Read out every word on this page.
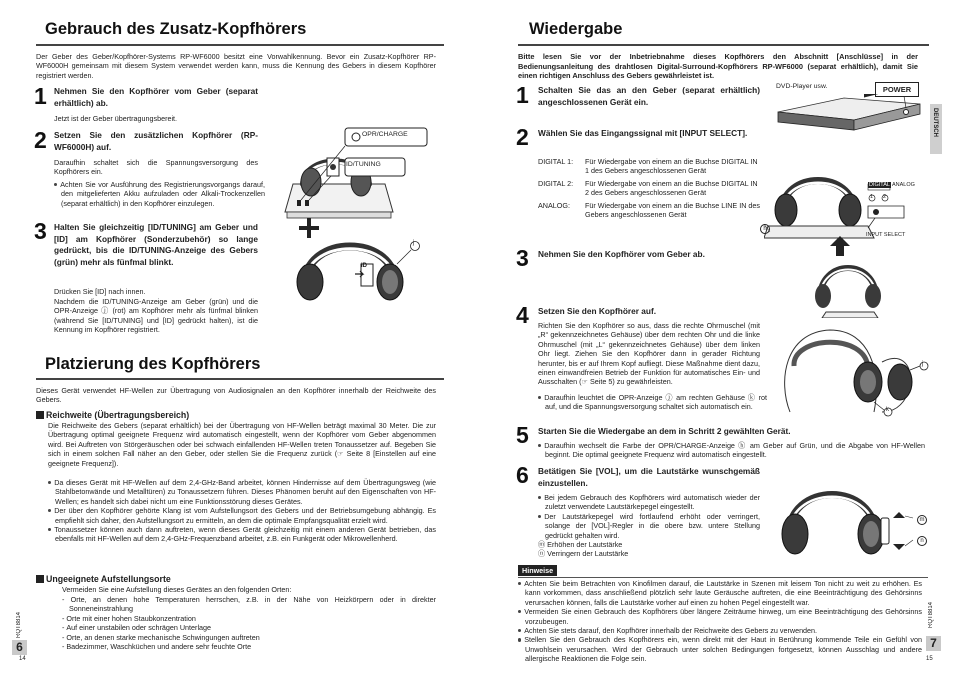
Gebrauch des Zusatz-Kopfhörers
Der Geber des Geber/Kopfhörer-Systems RP-WF6000 besitzt eine Vorwahlkennung. Bevor ein Zusatz-Kopfhörer RP-WF6000H gemeinsam mit diesem System verwendet werden kann, muss die Kennung des Gebers in diesem Kopfhörer registriert werden.
1 Nehmen Sie den Kopfhörer vom Geber (separat erhältlich) ab.
Jetzt ist der Geber übertragungsbereit.
2 Setzen Sie den zusätzlichen Kopfhörer (RP-WF6000H) auf.
Daraufhin schaltet sich die Spannungsversorgung des Kopfhörers ein.
Achten Sie vor Ausführung des Registrierungsvorgangs darauf, den mitgelieferten Akku aufzuladen oder Alkali-Trockenzellen (separat erhältlich) in den Kopfhörer einzulegen.
3 Halten Sie gleichzeitig [ID/TUNING] am Geber und [ID] am Kopfhörer (Sonderzubehör) so lange gedrückt, bis die ID/TUNING-Anzeige des Gebers (grün) mehr als fünfmal blinkt.
Drücken Sie [ID] nach innen.
Nachdem die ID/TUNING-Anzeige am Geber (grün) und die OPR-Anzeige ⓙ (rot) am Kopfhörer mehr als fünfmal blinken (während Sie [ID/TUNING] und [ID] gedrückt halten), ist die Kennung im Kopfhörer registriert.
OPR/CHARGE
ID/TUNING
j
ID
Platzierung des Kopfhörers
Dieses Gerät verwendet HF-Wellen zur Übertragung von Audiosignalen an den Kopfhörer innerhalb der Reichweite des Gebers.
Reichweite (Übertragungsbereich)
Die Reichweite des Gebers (separat erhältlich) bei der Übertragung von HF-Wellen beträgt maximal 30 Meter. Die zur Übertragung optimal geeignete Frequenz wird automatisch eingestellt, wenn der Kopfhörer vom Geber abgenommen wird. Bei Auftreten von Störgeräuschen oder bei schwach einfallenden HF-Wellen treten Tonaussetzer auf. Begeben Sie sich in einem solchen Fall näher an den Geber, oder stellen Sie die Frequenz zurück (☞ Seite 8 [Einstellen auf eine geeignete Frequenz]).
Da dieses Gerät mit HF-Wellen auf dem 2,4-GHz-Band arbeitet, können Hindernisse auf dem Übertragungsweg (wie Stahlbetonwände und Metalltüren) zu Tonaussetzern führen. Dieses Phänomen beruht auf den Eigenschaften von HF-Wellen; es handelt sich dabei nicht um eine Funktionsstörung dieses Gerätes.
Der über den Kopfhörer gehörte Klang ist vom Aufstellungsort des Gebers und der Betriebsumgebung abhängig. Es empfiehlt sich daher, den Aufstellungsort zu ermitteln, an dem die optimale Empfangsqualität erzielt wird.
Tonaussetzer können auch dann auftreten, wenn dieses Gerät gleichzeitig mit einem anderen Gerät betrieben, das ebenfalls mit HF-Wellen auf dem 2,4-GHz-Frequenzband arbeitet, z.B. ein Funkgerät oder Mikrowellenherd.
Ungeeignete Aufstellungsorte
Vermeiden Sie eine Aufstellung dieses Gerätes an den folgenden Orten:
- Orte, an denen hohe Temperaturen herrschen, z.B. in der Nähe von Heizkörpern oder in direkter Sonneneinstrahlung
- Orte mit einer hohen Staubkonzentration
- Auf einer unstabilen oder schrägen Unterlage
- Orte, an denen starke mechanische Schwingungen auftreten
- Badezimmer, Waschküchen und andere sehr feuchte Orte
RQT8814
6
14
Wiedergabe
Bitte lesen Sie vor der Inbetriebnahme dieses Kopfhörers den Abschnitt [Anschlüsse] in der Bedienungsanleitung des drahtlosen Digital-Surround-Kopfhörers RP-WF6000 (separat erhältlich), damit Sie einen richtigen Anschluss des Gebers gewährleistet ist.
1 Schalten Sie das an den Geber (separat erhältlich) angeschlossenen Gerät ein.
DVD-Player usw.	POWER
2 Wählen Sie das Eingangssignal mit [INPUT SELECT].
DIGITAL 1:	Für Wiedergabe von einem an die Buchse DIGITAL IN 1 des Gebers angeschlossenen Gerät
DIGITAL 2:	Für Wiedergabe von einem an die Buchse DIGITAL IN 2 des Gebers angeschlossenen Gerät
ANALOG:	Für Wiedergabe von einem an die Buchse LINE IN des Gebers angeschlossenen Gerät
DIGITAL ANALOG
1 2
INPUT SELECT
h
3 Nehmen Sie den Kopfhörer vom Geber ab.
4 Setzen Sie den Kopfhörer auf.
Richten Sie den Kopfhörer so aus, dass die rechte Ohrmuschel (mit „R“ gekennzeichnetes Gehäuse) über dem rechten Ohr und die linke Ohrmuschel (mit „L“ gekennzeichnetes Gehäuse) über dem linken Ohr liegt. Ziehen Sie den Kopfhörer dann in gerader Richtung herunter, bis er auf Ihrem Kopf aufliegt. Diese Maßnahme dient dazu, einen einwandfreien Betrieb der Funktion für automatisches Ein- und Ausschalten (☞ Seite 5) zu gewährleisten.
Daraufhin leuchtet die OPR-Anzeige ⓙ am rechten Gehäuse ⓚ rot auf, und die Spannungsversorgung schaltet sich automatisch ein.
j
k
5 Starten Sie die Wiedergabe an dem in Schritt 2 gewählten Gerät.
Daraufhin wechselt die Farbe der OPR/CHARGE-Anzeige ⓗ am Geber auf Grün, und die Abgabe von HF-Wellen beginnt. Die optimal geeignete Frequenz wird automatisch eingestellt.
6 Betätigen Sie [VOL], um die Lautstärke wunschgemäß einzustellen.
Bei jedem Gebrauch des Kopfhörers wird automatisch wieder der zuletzt verwendete Lautstärkepegel eingestellt.
Der Lautstärkepegel wird fortlaufend erhöht oder verringert, solange der [VOL]-Regler in die obere bzw. untere Stellung gedrückt gehalten wird.
ⓜ Erhöhen der Lautstärke
ⓝ Verringern der Lautstärke
m
n
Hinweise
Achten Sie beim Betrachten von Kinofilmen darauf, die Lautstärke in Szenen mit leisem Ton nicht zu weit zu erhöhen. Es kann vorkommen, dass anschließend plötzlich sehr laute Geräusche auftreten, die eine Beeinträchtigung des Gehörsinns verursachen können, falls die Lautstärke vorher auf einen zu hohen Pegel eingestellt war.
Vermeiden Sie einen Gebrauch des Kopfhörers über längere Zeiträume hinweg, um eine Beeinträchtigung des Gehörsinns vorzubeugen.
Achten Sie stets darauf, den Kopfhörer innerhalb der Reichweite des Gebers zu verwenden.
Stellen Sie den Gebrauch des Kopfhörers ein, wenn direkt mit der Haut in Berührung kommende Teile ein Gefühl von Unwohlsein verursachen. Wird der Gebrauch unter solchen Bedingungen fortgesetzt, können Ausschlag und andere allergische Reaktionen die Folge sein.
DEUTSCH
RQT8814
7
15
